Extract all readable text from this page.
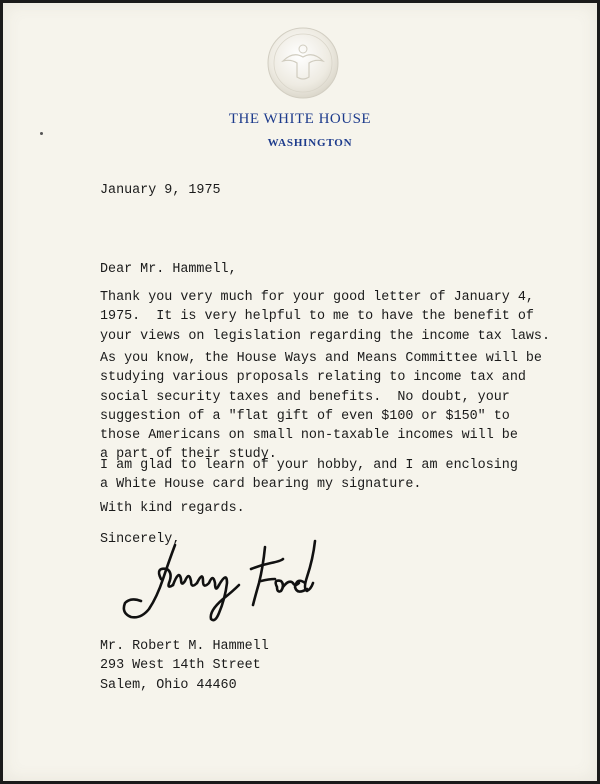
THE WHITE HOUSE
WASHINGTON
January 9, 1975
Dear Mr. Hammell,
Thank you very much for your good letter of January 4,
1975.  It is very helpful to me to have the benefit of
your views on legislation regarding the income tax laws.
As you know, the House Ways and Means Committee will be
studying various proposals relating to income tax and
social security taxes and benefits.  No doubt, your
suggestion of a "flat gift of even $100 or $150" to
those Americans on small non-taxable incomes will be
a part of their study.
I am glad to learn of your hobby, and I am enclosing
a White House card bearing my signature.
With kind regards.
Sincerely,
Mr. Robert M. Hammell
293 West 14th Street
Salem, Ohio 44460
